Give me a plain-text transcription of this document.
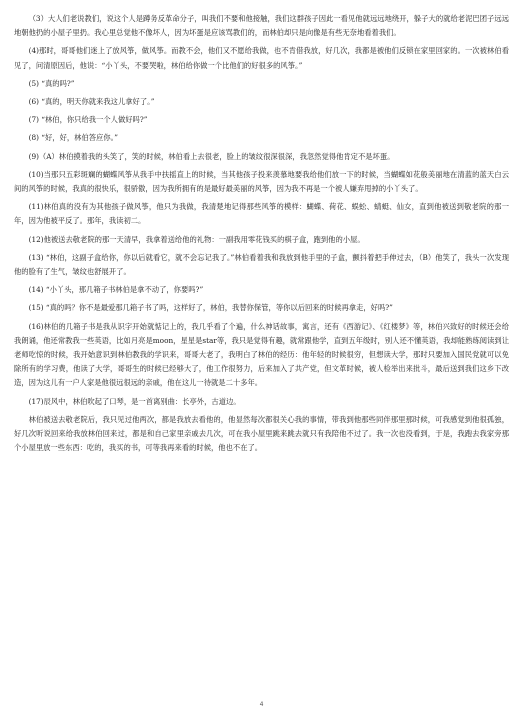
（3）大人们老说教们，说这个人是蹲务反革命分子，叫我们不要和他接触，我们这群孩子因此一看见他就远远地绕开，躲子大的就给老泥巴团子远远地朝他扔的小屋子里扔。我心里总觉他不像坏人，因为坏蛋是应该骂教们的，而林伯却只是向像是有些无奈地看着我们。

(4)那时，哥哥他们迷上了放风筝，做风筝。而教不会，他们又不愿给我做，也不肯借我放，好几次，我都是被他们反锁在家里回家的。一次被林伯看见了，问清原因后，他说：“小丫头，不要哭啦，林伯给你做一个比他们的好很多的风筝。”

(5) “真的吗?”

(6) “真的，明天你就来我这儿拿好了。”

(7) “林伯，你只给我一个人做好吗?”

(8) “好，好，林伯答应你。”

(9)（A）林伯摸着我的头笑了，笑的时候，林伯看上去很老，脸上的皱纹很深很深，我忽然觉得他肯定不是坏蛋。

(10)当那只五彩斑斓的蝴蝶风筝从我手中扶摇直上的时候，当其他孩子投来羡慕地要我给他们放一下的时候，当蝴蝶如花般美丽地在清蓝的蓝天白云间的风筝的时候，我真的很快乐，很骄傲，因为我所拥有的是最好最美丽的风筝，因为我不再是一个被人嫌弃甩掉的小丫头了。

(11)林伯真的没有为其他孩子做风筝，他只为我做，我清楚地记得那些风筝的模样：蝴蝶、荷花、蜈蚣、蜻蜓、仙女，直到他被送到敬老院的那一年，因为他被平反了。那年，我读初二。

(12)他被送去敬老院的那一天清早，我拿着送给他的礼物：一副我用零花钱买的棋子盒，跑到他的小屋。

(13) “林伯，这副子盒给你，你以后就看它，就不会忘记我了。”林伯看着我和我放到他手里的子盒，颤抖着把手伸过去，（B）他笑了，我头一次发现他的脸有了生气，皱纹也舒展开了。

(14) “小丫头，那几箱子书林伯是拿不动了，你要吗?”

(15) “真的吗？你不是最爱那几箱子书了吗，这样好了，林伯，我替你保管，等你以后回来的时候再拿走，好吗?”

(16)林伯的几箱子书是我从识字开始就惦记上的，我几乎看了个遍，什么神话故事，寓言，还有《西游记》、《红楼梦》等，林伯兴致好的时候还会给我朗诵，他还常教我一些英语，比如月亮是moon，星星是star等，我只是觉得有趣，就常跟他学，直到五年级时，别人还不懂英语，我却能熟练阅读到让老师吃惊的时候，我开始意识到林伯教我的学识来，哥哥大老了，我明白了林伯的经历：他年轻的时候很穷，但想读大学，那时只要加入国民党就可以免除所有的学习费，他读了大学，哥哥生的时候已经够大了，他工作很努力，后来加入了共产党，但文革时候，被人检举出来批斗，最后送到我们这乡下改造，因为这儿有一户人家是他很远很远的亲戚，他在这儿一待就是二十多年。

(17)辰风中，林伯吹起了口琴，是一首离别曲：长亭外，古道边。

林伯被送去敬老院后，我只见过他两次，都是我放去看他的，他显然每次都很关心我的事情，带我到他那些同伴那里那时候，可我感觉到他很孤独，好几次听说回来给我放林伯回来过，都是和自己家里亲戚去几次，可在我小屋里跳来跳去就只有我陪他不过了。我一次也没看到，于是，我跑去我家旁那个小屋里放一些东西：吃的，我买的书，可等我再来看的时候，他也不在了。

4
